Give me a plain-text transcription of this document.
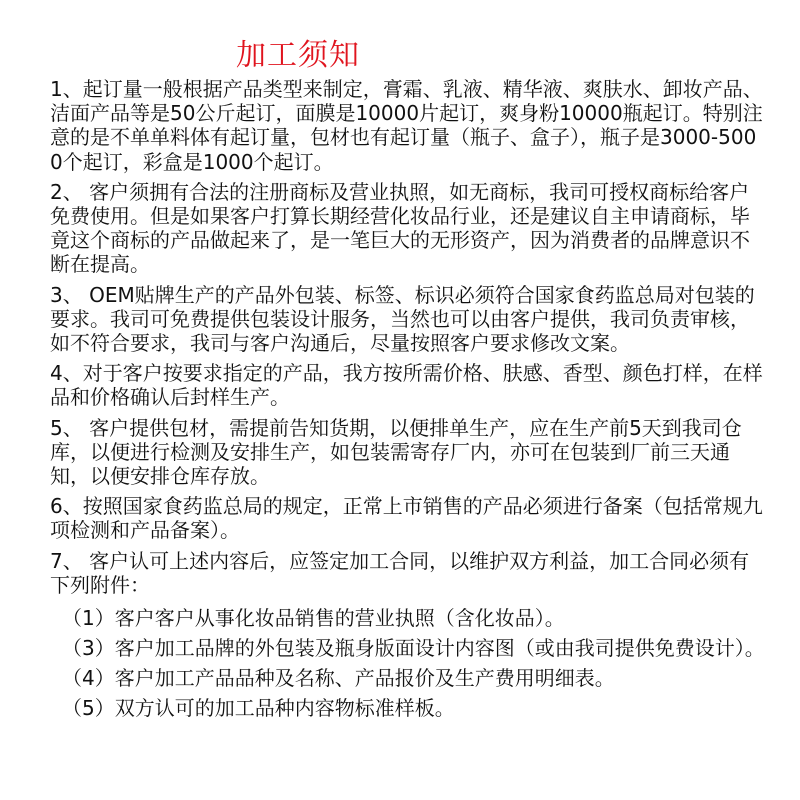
加工须知

1、起订量一般根据产品类型来制定，膏霜、乳液、精华液、爽肤水、卸妆产品、洁面产品等是50公斤起订，面膜是10000片起订，爽身粉10000瓶起订。特别注意的是不单单料体有起订量，包材也有起订量（瓶子、盒子），瓶子是3000-5000个起订，彩盒是1000个起订。

2、 客户须拥有合法的注册商标及营业执照，如无商标，我司可授权商标给客户免费使用。但是如果客户打算长期经营化妆品行业，还是建议自主申请商标，毕竟这个商标的产品做起来了，是一笔巨大的无形资产，因为消费者的品牌意识不断在提高。

3、 OEM贴牌生产的产品外包装、标签、标识必须符合国家食药监总局对包装的要求。我司可免费提供包装设计服务，当然也可以由客户提供，我司负责审核，如不符合要求，我司与客户沟通后，尽量按照客户要求修改文案。

4、对于客户按要求指定的产品，我方按所需价格、肤感、香型、颜色打样，在样品和价格确认后封样生产。

5、 客户提供包材，需提前告知货期，以便排单生产，应在生产前5天到我司仓库，以便进行检测及安排生产，如包装需寄存厂内，亦可在包装到厂前三天通知，以便安排仓库存放。

6、按照国家食药监总局的规定，正常上市销售的产品必须进行备案（包括常规九项检测和产品备案）。

7、 客户认可上述内容后，应签定加工合同，以维护双方利益，加工合同必须有下列附件：

（1）客户客户从事化妆品销售的营业执照（含化妆品）。

（3）客户加工品牌的外包装及瓶身版面设计内容图（或由我司提供免费设计）。

（4）客户加工产品品种及名称、产品报价及生产费用明细表。

（5）双方认可的加工品种内容物标准样板。
